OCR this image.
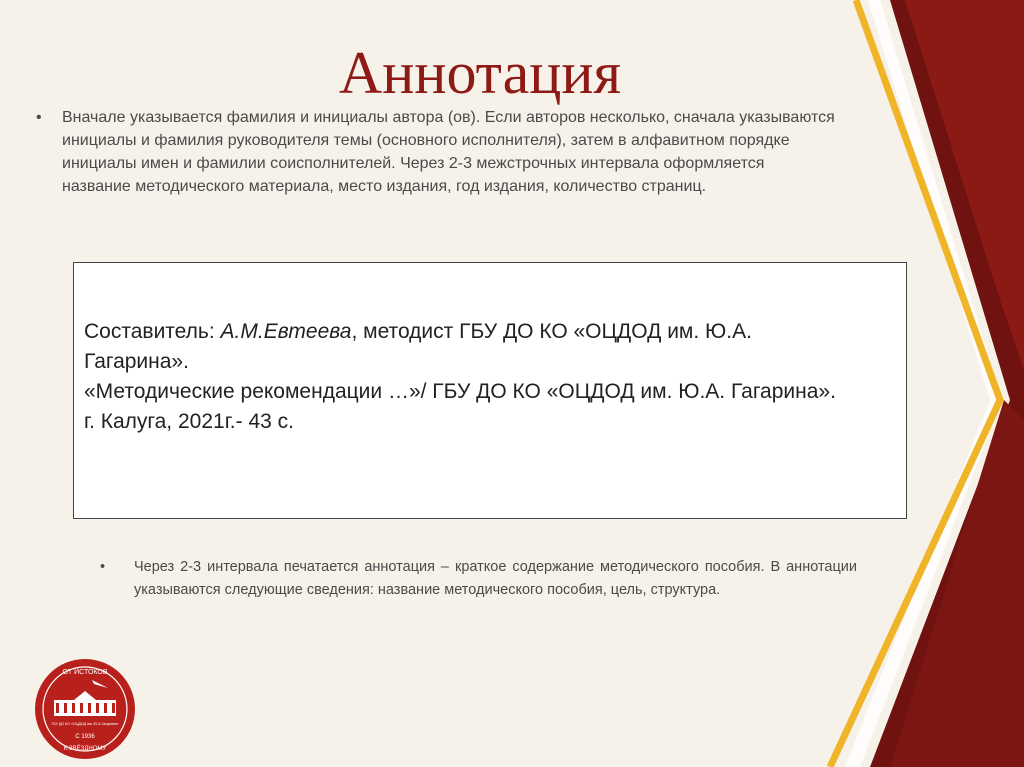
Аннотация
• Вначале указывается фамилия и инициалы автора (ов). Если авторов несколько, сначала указываются инициалы и фамилия руководителя темы (основного исполнителя), затем в алфавитном порядке инициалы имен и фамилии соисполнителей. Через 2-3 межстрочных интервала оформляется название методического материала, место издания, год издания, количество страниц.
Составитель: А.М.Евтеева, методист ГБУ ДО КО «ОЦДОД им. Ю.А. Гагарина».
«Методические рекомендации …»/ ГБУ ДО КО «ОЦДОД им. Ю.А. Гагарина». г. Калуга, 2021г.- 43 с.
• Через 2-3 интервала печатается аннотация – краткое содержание методического пособия. В аннотации указываются следующие сведения: название методического пособия, цель, структура.
ОТ ИСТОКОВ
ГБУ ДО КО «ОЦДОД им. Ю.А.Гагарина»
С 1936
К ЗВЁЗДНОМУ
